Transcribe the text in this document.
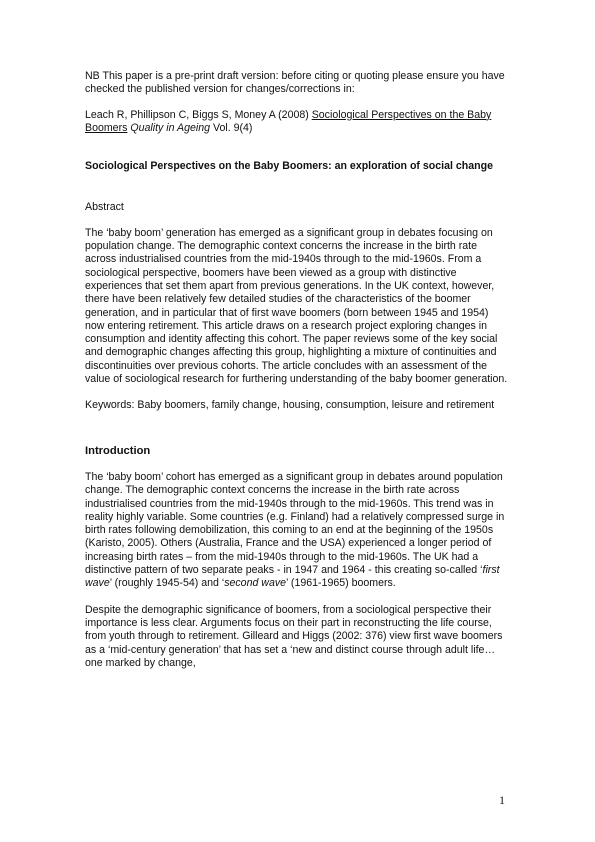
NB This paper is a pre-print draft version: before citing or quoting please ensure you have checked the published version for changes/corrections in:

Leach R, Phillipson C, Biggs S, Money A (2008) Sociological Perspectives on the Baby Boomers Quality in Ageing Vol. 9(4)

Sociological Perspectives on the Baby Boomers: an exploration of social change

Abstract

The ‘baby boom’ generation has emerged as a significant group in debates focusing on population change. The demographic context concerns the increase in the birth rate across industrialised countries from the mid-1940s through to the mid-1960s. From a sociological perspective, boomers have been viewed as a group with distinctive experiences that set them apart from previous generations. In the UK context, however, there have been relatively few detailed studies of the characteristics of the boomer generation, and in particular that of first wave boomers (born between 1945 and 1954) now entering retirement. This article draws on a research project exploring changes in consumption and identity affecting this cohort. The paper reviews some of the key social and demographic changes affecting this group, highlighting a mixture of continuities and discontinuities over previous cohorts. The article concludes with an assessment of the value of sociological research for furthering understanding of the baby boomer generation.

Keywords: Baby boomers, family change, housing, consumption, leisure and retirement

Introduction

The ‘baby boom’ cohort has emerged as a significant group in debates around population change. The demographic context concerns the increase in the birth rate across industrialised countries from the mid-1940s through to the mid-1960s. This trend was in reality highly variable. Some countries (e.g. Finland) had a relatively compressed surge in birth rates following demobilization, this coming to an end at the beginning of the 1950s (Karisto, 2005). Others (Australia, France and the USA) experienced a longer period of increasing birth rates – from the mid-1940s through to the mid-1960s. The UK had a distinctive pattern of two separate peaks - in 1947 and 1964 - this creating so-called ‘first wave’ (roughly 1945-54) and ‘second wave’ (1961-1965) boomers.

Despite the demographic significance of boomers, from a sociological perspective their importance is less clear. Arguments focus on their part in reconstructing the life course, from youth through to retirement. Gilleard and Higgs (2002: 376) view first wave boomers as a ‘mid-century generation’ that has set a ‘new and distinct course through adult life…one marked by change,

1
